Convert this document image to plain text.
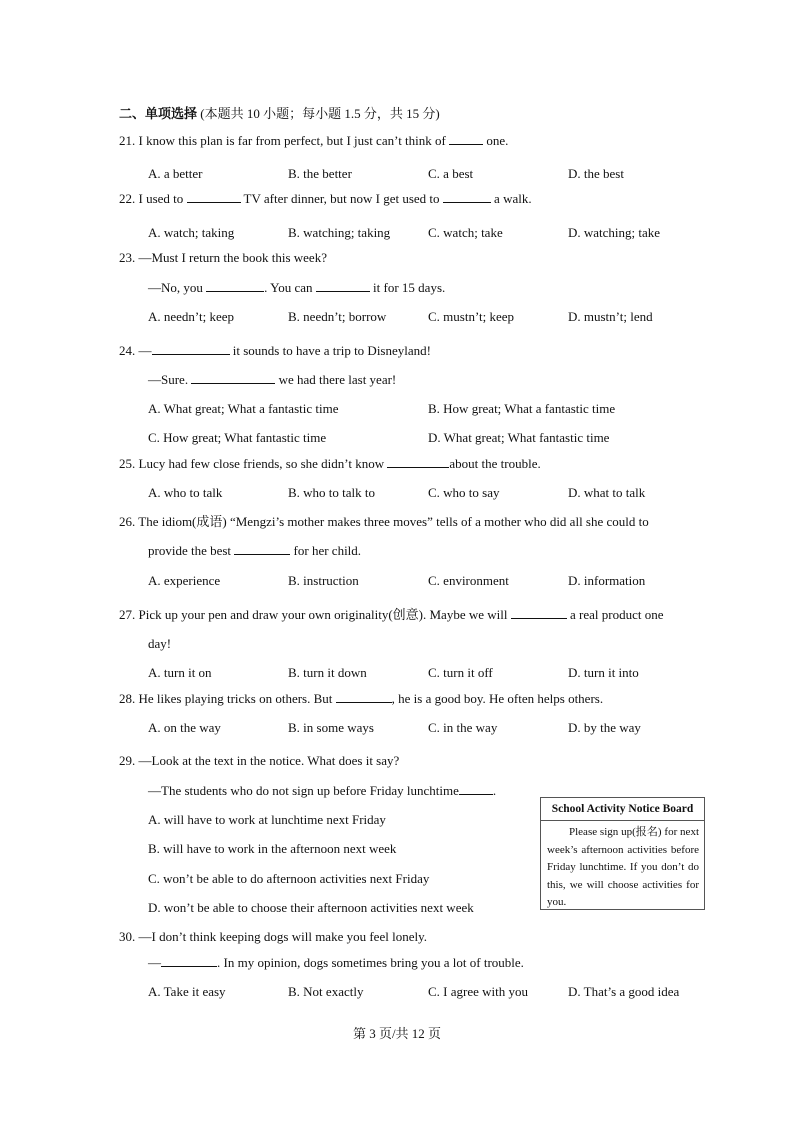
二、单项选择 (本题共 10 小题；每小题 1.5 分，共 15 分)
21. I know this plan is far from perfect, but I just can’t think of	one.
A. a better	B. the better	C. a best	D. the best
22. I used to	TV after dinner, but now I get used to	a walk.
A. watch; taking	B. watching; taking	C. watch; take	D. watching; take
23. —Must I return the book this week?
—No, you	. You can	it for 15 days.
A. needn’t; keep	B. needn’t; borrow	C. mustn’t; keep	D. mustn’t; lend
24. —	it sounds to have a trip to Disneyland!
—Sure.	we had there last year!
A. What great; What a fantastic time	B. How great; What a fantastic time
C. How great; What fantastic time	D. What great; What fantastic time
25. Lucy had few close friends, so she didn’t know	about the trouble.
A. who to talk	B. who to talk to	C. who to say	D. what to talk
26. The idiom(成语) “Mengzi’s mother makes three moves” tells of a mother who did all she could to
provide the best	for her child.
A. experience	B. instruction	C. environment	D. information
27. Pick up your pen and draw your own originality(创意). Maybe we will	a real product one
day!
A. turn it on	B. turn it down	C. turn it off	D. turn it into
28. He likes playing tricks on others. But	, he is a good boy. He often helps others.
A. on the way	B. in some ways	C. in the way	D. by the way
29. —Look at the text in the notice. What does it say?
—The students who do not sign up before Friday lunchtime	.
A. will have to work at lunchtime next Friday
B. will have to work in the afternoon next week
C. won’t be able to do afternoon activities next Friday
D. won’t be able to choose their afternoon activities next week
School Activity Notice Board
Please sign up(报名) for next week’s afternoon activities before Friday lunchtime. If you don’t do this, we will choose activities for you.
30. —I don’t think keeping dogs will make you feel lonely.
—	. In my opinion, dogs sometimes bring you a lot of trouble.
A. Take it easy	B. Not exactly	C. I agree with you	D. That’s a good idea
第 3 页/共 12 页
